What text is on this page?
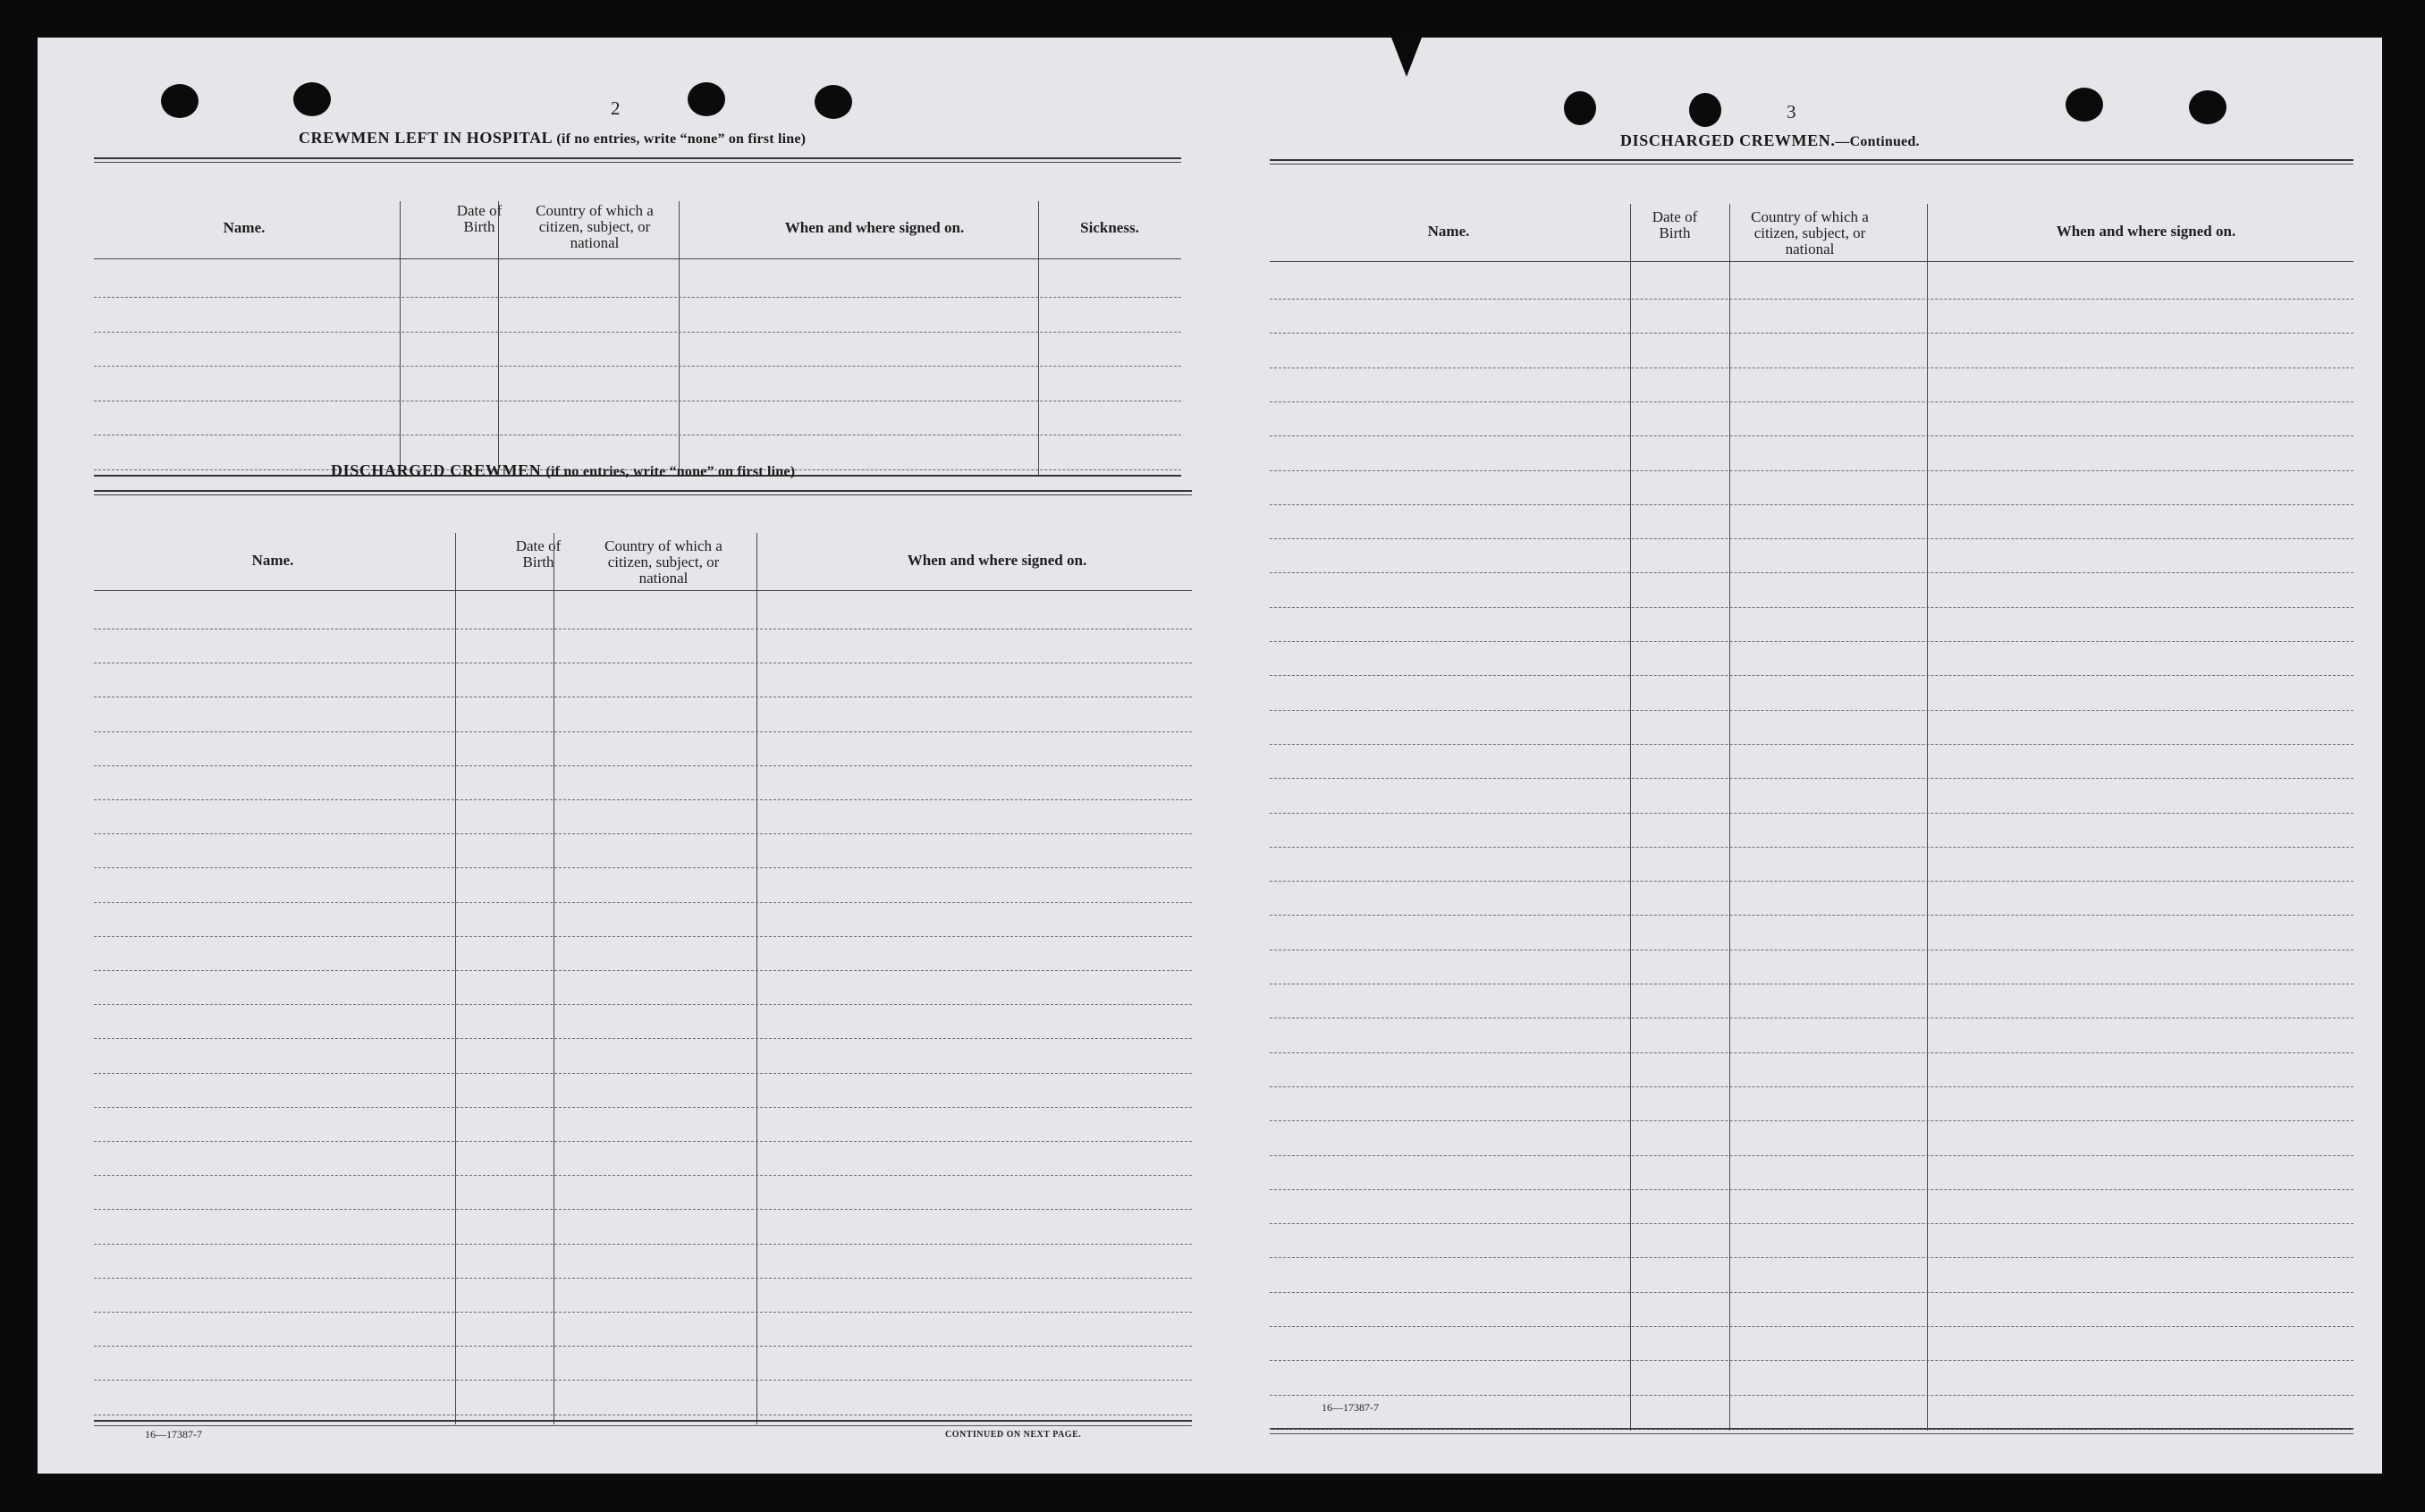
2
CREWMEN LEFT IN HOSPITAL (if no entries, write “none” on first line)
Name.
Date of Birth
Country of which a citizen, subject, or national
When and where signed on.	Sickness.
DISCHARGED CREWMEN (if no entries, write “none” on first line)
Name.
Date of Birth
Country of which a citizen, subject, or national
When and where signed on.
16—17387-7	CONTINUED ON NEXT PAGE.
3
DISCHARGED CREWMEN.—Continued.
Name.
Date of Birth
Country of which a citizen, subject, or national
When and where signed on.
16—17387-7
